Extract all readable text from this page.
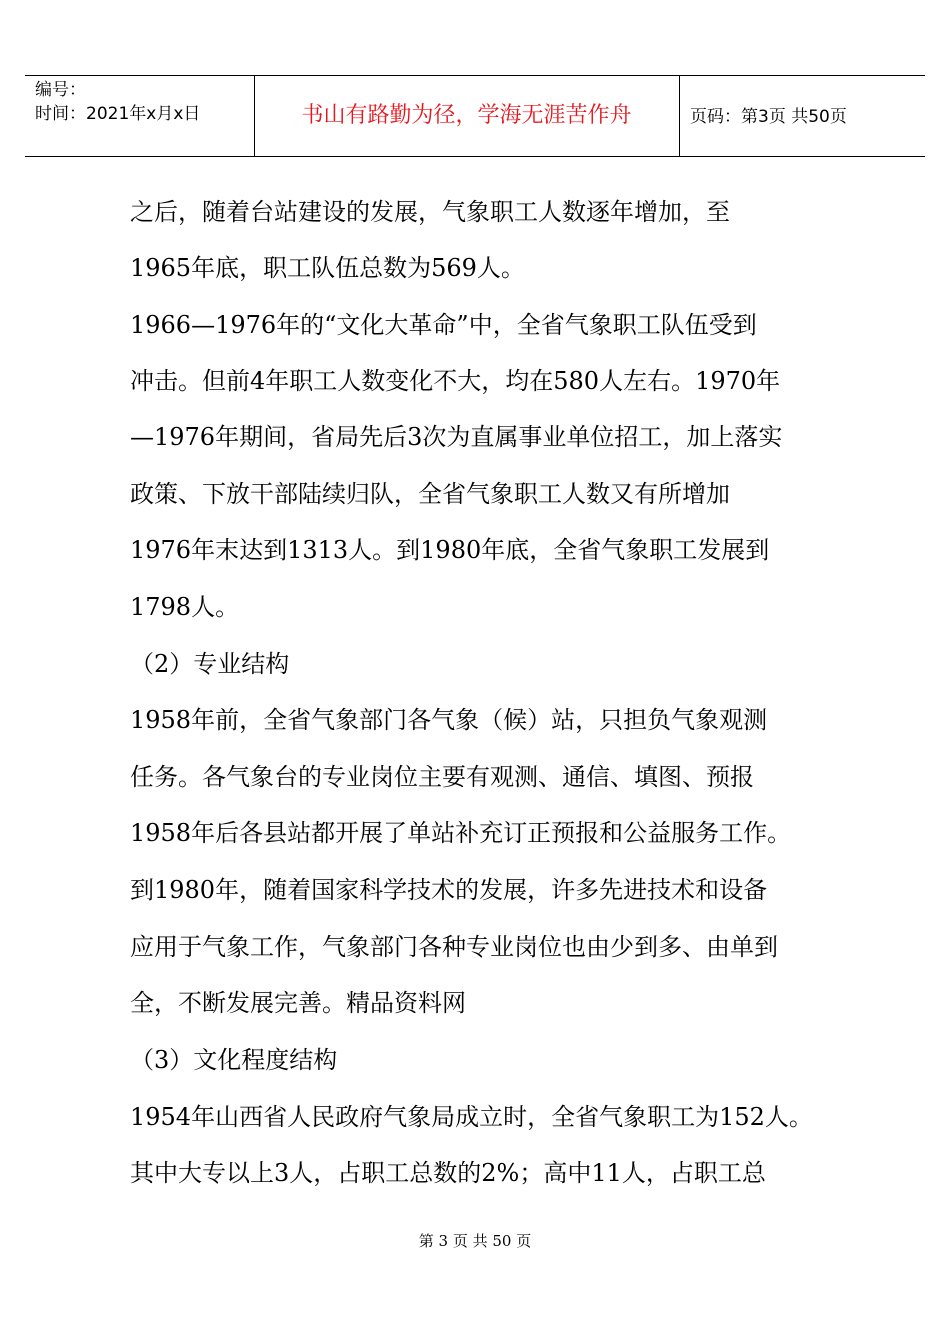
编号：
时间：2021年x月x日	书山有路勤为径，学海无涯苦作舟	页码：第3页 共50页
之后，随着台站建设的发展，气象职工人数逐年增加，至
1965年底，职工队伍总数为569人。
1966—1976年的“文化大革命”中，全省气象职工队伍受到
冲击。但前4年职工人数变化不大，均在580人左右。1970年
—1976年期间，省局先后3次为直属事业单位招工，加上落实
政策、下放干部陆续归队，全省气象职工人数又有所增加
1976年末达到1313人。到1980年底，全省气象职工发展到
1798人。
（2）专业结构
1958年前，全省气象部门各气象（候）站，只担负气象观测
任务。各气象台的专业岗位主要有观测、通信、填图、预报
1958年后各县站都开展了单站补充订正预报和公益服务工作。
到1980年，随着国家科学技术的发展，许多先进技术和设备
应用于气象工作，气象部门各种专业岗位也由少到多、由单到
全，不断发展完善。精品资料网
（3）文化程度结构
1954年山西省人民政府气象局成立时，全省气象职工为152人。
其中大专以上3人，占职工总数的2%；高中11人，占职工总
第 3 页 共 50 页
